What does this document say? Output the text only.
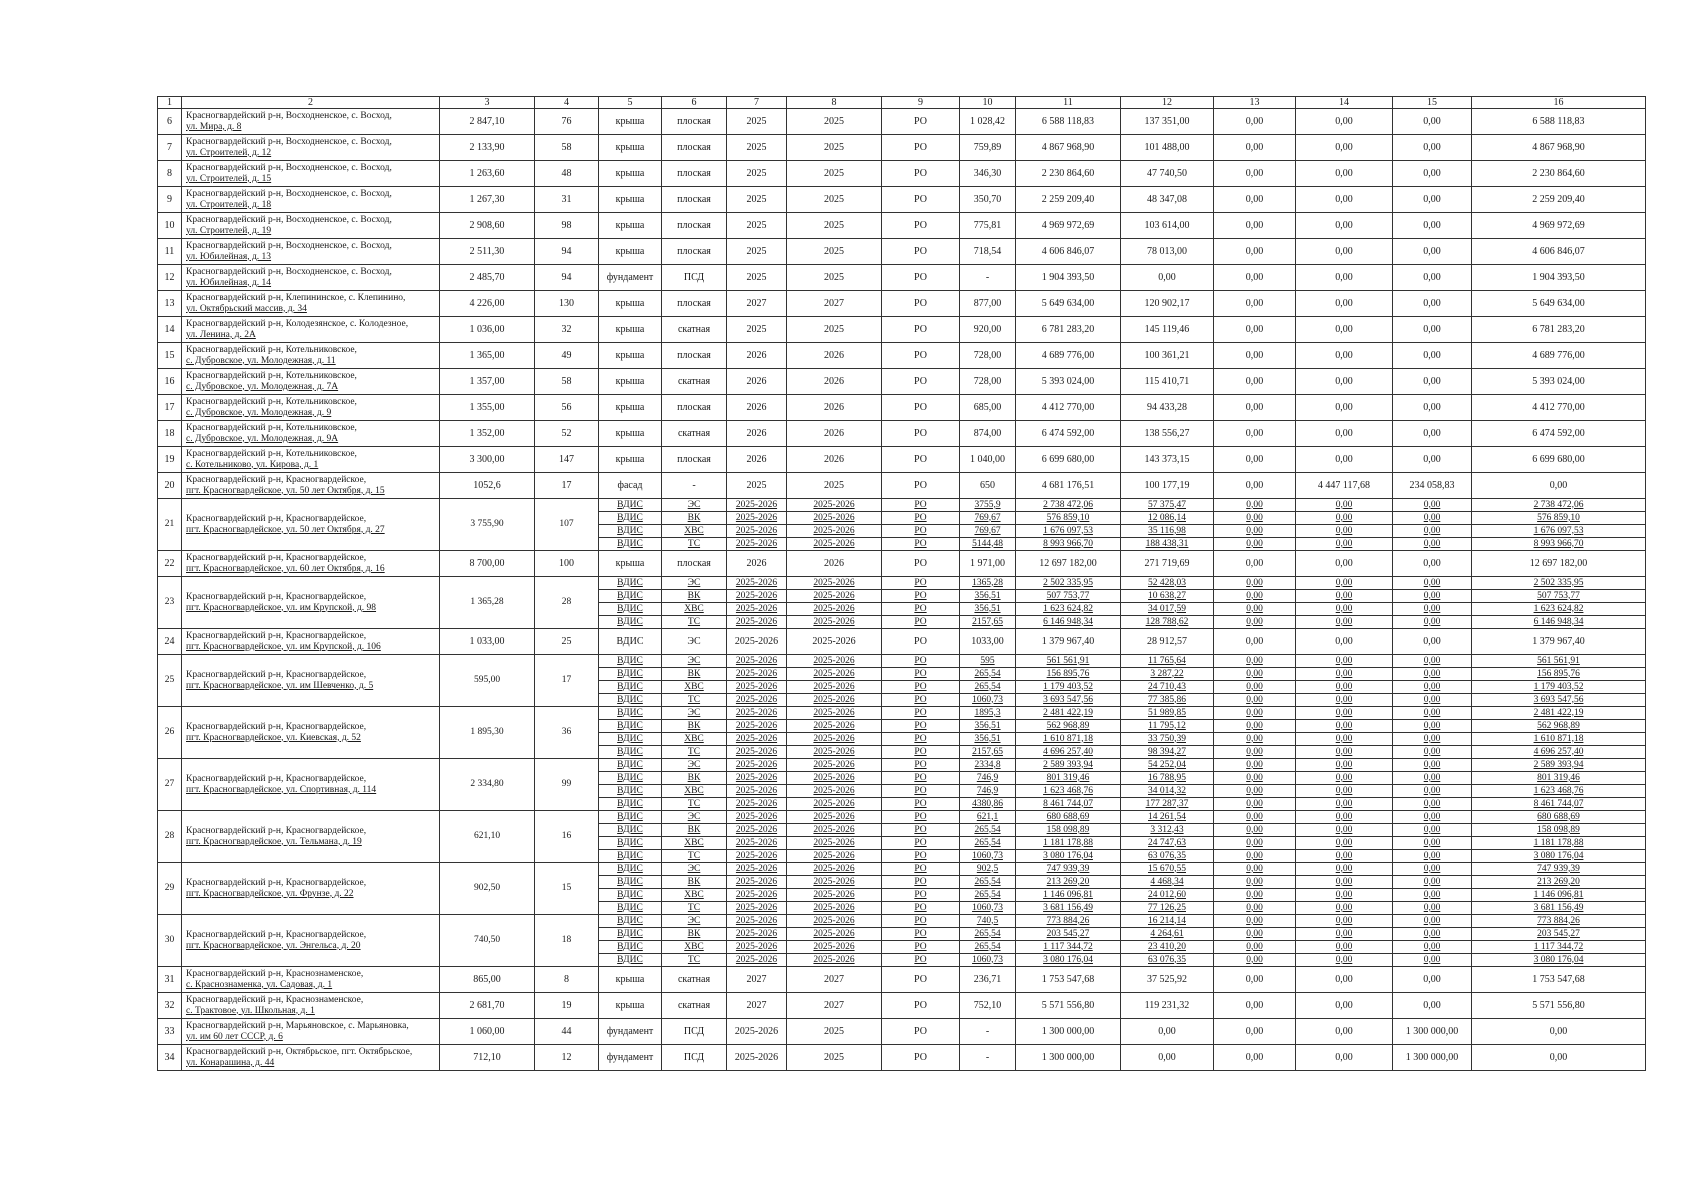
1	2	3	4	5	6	7	8	9	10	11	12	13	14	15	16
6	Красногвардейский р-н, Восходненское, с. Восход,
ул. Мира, д. 8	2 847,10	76	крыша	плоская	2025	2025	РО	1 028,42	6 588 118,83	137 351,00	0,00	0,00	0,00	6 588 118,83
7	Красногвардейский р-н, Восходненское, с. Восход,
ул. Строителей, д. 12	2 133,90	58	крыша	плоская	2025	2025	РО	759,89	4 867 968,90	101 488,00	0,00	0,00	0,00	4 867 968,90
8	Красногвардейский р-н, Восходненское, с. Восход,
ул. Строителей, д. 15	1 263,60	48	крыша	плоская	2025	2025	РО	346,30	2 230 864,60	47 740,50	0,00	0,00	0,00	2 230 864,60
9	Красногвардейский р-н, Восходненское, с. Восход,
ул. Строителей, д. 18	1 267,30	31	крыша	плоская	2025	2025	РО	350,70	2 259 209,40	48 347,08	0,00	0,00	0,00	2 259 209,40
10	Красногвардейский р-н, Восходненское, с. Восход,
ул. Строителей, д. 19	2 908,60	98	крыша	плоская	2025	2025	РО	775,81	4 969 972,69	103 614,00	0,00	0,00	0,00	4 969 972,69
11	Красногвардейский р-н, Восходненское, с. Восход,
ул. Юбилейная, д. 13	2 511,30	94	крыша	плоская	2025	2025	РО	718,54	4 606 846,07	78 013,00	0,00	0,00	0,00	4 606 846,07
12	Красногвардейский р-н, Восходненское, с. Восход,
ул. Юбилейная, д. 14	2 485,70	94	фундамент	ПСД	2025	2025	РО	-	1 904 393,50	0,00	0,00	0,00	0,00	1 904 393,50
13	Красногвардейский р-н, Клепининское, с. Клепинино,
ул. Октябрьский массив, д. 34	4 226,00	130	крыша	плоская	2027	2027	РО	877,00	5 649 634,00	120 902,17	0,00	0,00	0,00	5 649 634,00
14	Красногвардейский р-н, Колодезянское, с. Колодезное,
ул. Ленина, д. 2А	1 036,00	32	крыша	скатная	2025	2025	РО	920,00	6 781 283,20	145 119,46	0,00	0,00	0,00	6 781 283,20
15	Красногвардейский р-н, Котельниковское,
с. Дубровское, ул. Молодежная, д. 11	1 365,00	49	крыша	плоская	2026	2026	РО	728,00	4 689 776,00	100 361,21	0,00	0,00	0,00	4 689 776,00
16	Красногвардейский р-н, Котельниковское,
с. Дубровское, ул. Молодежная, д. 7А	1 357,00	58	крыша	скатная	2026	2026	РО	728,00	5 393 024,00	115 410,71	0,00	0,00	0,00	5 393 024,00
17	Красногвардейский р-н, Котельниковское,
с. Дубровское, ул. Молодежная, д. 9	1 355,00	56	крыша	плоская	2026	2026	РО	685,00	4 412 770,00	94 433,28	0,00	0,00	0,00	4 412 770,00
18	Красногвардейский р-н, Котельниковское,
с. Дубровское, ул. Молодежная, д. 9А	1 352,00	52	крыша	скатная	2026	2026	РО	874,00	6 474 592,00	138 556,27	0,00	0,00	0,00	6 474 592,00
19	Красногвардейский р-н, Котельниковское,
с. Котельниково, ул. Кирова, д. 1	3 300,00	147	крыша	плоская	2026	2026	РО	1 040,00	6 699 680,00	143 373,15	0,00	0,00	0,00	6 699 680,00
20	Красногвардейский р-н, Красногвардейское,
пгт. Красногвардейское, ул. 50 лет Октября, д. 15	1052,6	17	фасад	-	2025	2025	РО	650	4 681 176,51	100 177,19	0,00	4 447 117,68	234 058,83	0,00
21	Красногвардейский р-н, Красногвардейское,
пгт. Красногвардейское, ул. 50 лет Октября, д. 27	3 755,90	107	ВДИС	ЭС	2025-2026	2025-2026	РО	3755,9	2 738 472,06	57 375,47	0,00	0,00	0,00	2 738 472,06
				ВДИС	ВК	2025-2026	2025-2026	РО	769,67	576 859,10	12 086,14	0,00	0,00	0,00	576 859,10
				ВДИС	ХВС	2025-2026	2025-2026	РО	769,67	1 676 097,53	35 116,98	0,00	0,00	0,00	1 676 097,53
				ВДИС	ТС	2025-2026	2025-2026	РО	5144,48	8 993 966,70	188 438,31	0,00	0,00	0,00	8 993 966,70
22	Красногвардейский р-н, Красногвардейское,
пгт. Красногвардейское, ул. 60 лет Октября, д. 16	8 700,00	100	крыша	плоская	2026	2026	РО	1 971,00	12 697 182,00	271 719,69	0,00	0,00	0,00	12 697 182,00
23	Красногвардейский р-н, Красногвардейское,
пгт. Красногвардейское, ул. им Крупской, д. 98	1 365,28	28	ВДИС	ЭС	2025-2026	2025-2026	РО	1365,28	2 502 335,95	52 428,03	0,00	0,00	0,00	2 502 335,95
				ВДИС	ВК	2025-2026	2025-2026	РО	356,51	507 753,77	10 638,27	0,00	0,00	0,00	507 753,77
				ВДИС	ХВС	2025-2026	2025-2026	РО	356,51	1 623 624,82	34 017,59	0,00	0,00	0,00	1 623 624,82
				ВДИС	ТС	2025-2026	2025-2026	РО	2157,65	6 146 948,34	128 788,62	0,00	0,00	0,00	6 146 948,34
24	Красногвардейский р-н, Красногвардейское,
пгт. Красногвардейское, ул. им Крупской, д. 106	1 033,00	25	ВДИС	ЭС	2025-2026	2025-2026	РО	1033,00	1 379 967,40	28 912,57	0,00	0,00	0,00	1 379 967,40
25	Красногвардейский р-н, Красногвардейское,
пгт. Красногвардейское, ул. им Шевченко, д. 5	595,00	17	ВДИС	ЭС	2025-2026	2025-2026	РО	595	561 561,91	11 765,64	0,00	0,00	0,00	561 561,91
				ВДИС	ВК	2025-2026	2025-2026	РО	265,54	156 895,76	3 287,22	0,00	0,00	0,00	156 895,76
				ВДИС	ХВС	2025-2026	2025-2026	РО	265,54	1 179 403,52	24 710,43	0,00	0,00	0,00	1 179 403,52
				ВДИС	ТС	2025-2026	2025-2026	РО	1060,73	3 693 547,56	77 385,86	0,00	0,00	0,00	3 693 547,56
26	Красногвардейский р-н, Красногвардейское,
пгт. Красногвардейское, ул. Киевская, д. 52	1 895,30	36	ВДИС	ЭС	2025-2026	2025-2026	РО	1895,3	2 481 422,19	51 989,85	0,00	0,00	0,00	2 481 422,19
				ВДИС	ВК	2025-2026	2025-2026	РО	356,51	562 968,89	11 795,12	0,00	0,00	0,00	562 968,89
				ВДИС	ХВС	2025-2026	2025-2026	РО	356,51	1 610 871,18	33 750,39	0,00	0,00	0,00	1 610 871,18
				ВДИС	ТС	2025-2026	2025-2026	РО	2157,65	4 696 257,40	98 394,27	0,00	0,00	0,00	4 696 257,40
27	Красногвардейский р-н, Красногвардейское,
пгт. Красногвардейское, ул. Спортивная, д. 114	2 334,80	99	ВДИС	ЭС	2025-2026	2025-2026	РО	2334,8	2 589 393,94	54 252,04	0,00	0,00	0,00	2 589 393,94
				ВДИС	ВК	2025-2026	2025-2026	РО	746,9	801 319,46	16 788,95	0,00	0,00	0,00	801 319,46
				ВДИС	ХВС	2025-2026	2025-2026	РО	746,9	1 623 468,76	34 014,32	0,00	0,00	0,00	1 623 468,76
				ВДИС	ТС	2025-2026	2025-2026	РО	4380,86	8 461 744,07	177 287,37	0,00	0,00	0,00	8 461 744,07
28	Красногвардейский р-н, Красногвардейское,
пгт. Красногвардейское, ул. Тельмана, д. 19	621,10	16	ВДИС	ЭС	2025-2026	2025-2026	РО	621,1	680 688,69	14 261,54	0,00	0,00	0,00	680 688,69
				ВДИС	ВК	2025-2026	2025-2026	РО	265,54	158 098,89	3 312,43	0,00	0,00	0,00	158 098,89
				ВДИС	ХВС	2025-2026	2025-2026	РО	265,54	1 181 178,88	24 747,63	0,00	0,00	0,00	1 181 178,88
				ВДИС	ТС	2025-2026	2025-2026	РО	1060,73	3 080 176,04	63 076,35	0,00	0,00	0,00	3 080 176,04
29	Красногвардейский р-н, Красногвардейское,
пгт. Красногвардейское, ул. Фрунзе, д. 22	902,50	15	ВДИС	ЭС	2025-2026	2025-2026	РО	902,5	747 939,39	15 670,55	0,00	0,00	0,00	747 939,39
				ВДИС	ВК	2025-2026	2025-2026	РО	265,54	213 269,20	4 468,34	0,00	0,00	0,00	213 269,20
				ВДИС	ХВС	2025-2026	2025-2026	РО	265,54	1 146 096,81	24 012,60	0,00	0,00	0,00	1 146 096,81
				ВДИС	ТС	2025-2026	2025-2026	РО	1060,73	3 681 156,49	77 126,25	0,00	0,00	0,00	3 681 156,49
30	Красногвардейский р-н, Красногвардейское,
пгт. Красногвардейское, ул. Энгельса, д. 20	740,50	18	ВДИС	ЭС	2025-2026	2025-2026	РО	740,5	773 884,26	16 214,14	0,00	0,00	0,00	773 884,26
				ВДИС	ВК	2025-2026	2025-2026	РО	265,54	203 545,27	4 264,61	0,00	0,00	0,00	203 545,27
				ВДИС	ХВС	2025-2026	2025-2026	РО	265,54	1 117 344,72	23 410,20	0,00	0,00	0,00	1 117 344,72
				ВДИС	ТС	2025-2026	2025-2026	РО	1060,73	3 080 176,04	63 076,35	0,00	0,00	0,00	3 080 176,04
31	Красногвардейский р-н, Краснознаменское,
с. Краснознаменка, ул. Садовая, д. 1	865,00	8	крыша	скатная	2027	2027	РО	236,71	1 753 547,68	37 525,92	0,00	0,00	0,00	1 753 547,68
32	Красногвардейский р-н, Краснознаменское,
с. Трактовое, ул. Школьная, д. 1	2 681,70	19	крыша	скатная	2027	2027	РО	752,10	5 571 556,80	119 231,32	0,00	0,00	0,00	5 571 556,80
33	Красногвардейский р-н, Марьяновское, с. Марьяновка,
ул. им 60 лет СССР, д. 6	1 060,00	44	фундамент	ПСД	2025-2026	2025	РО	-	1 300 000,00	0,00	0,00	0,00	1 300 000,00	0,00
34	Красногвардейский р-н, Октябрьское, пгт. Октябрьское,
ул. Конарашина, д. 44	712,10	12	фундамент	ПСД	2025-2026	2025	РО	-	1 300 000,00	0,00	0,00	0,00	1 300 000,00	0,00
